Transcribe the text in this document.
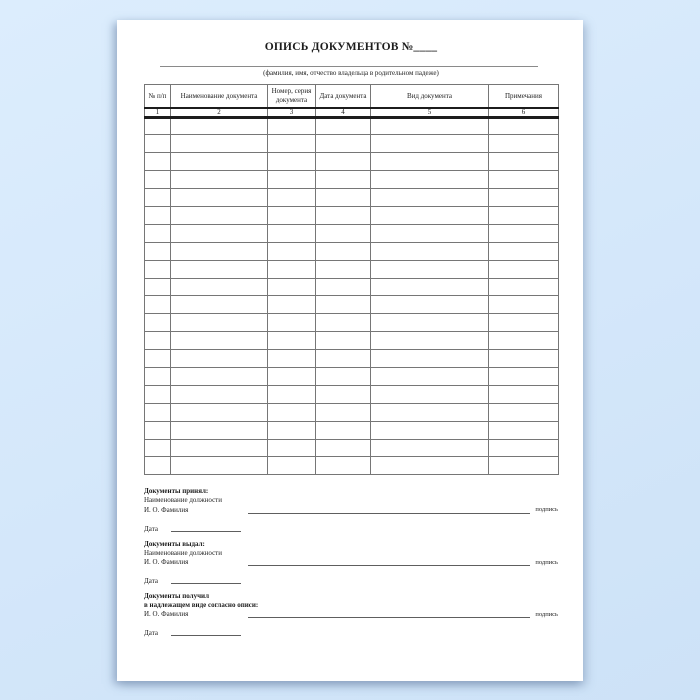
ОПИСЬ ДОКУМЕНТОВ №____
(фамилия, имя, отчество владельца в родительном падеже)
№ п/п	Наименование документа	Номер, серия документа	Дата документа	Вид документа	Примечания
1	2	3	4	5	6

Документы принял:
Наименование должности
И. О. Фамилия	подпись
Дата
Документы выдал:
Наименование должности
И. О. Фамилия	подпись
Дата
Документы получил
в надлежащем виде согласно описи:
И. О. Фамилия	подпись
Дата
